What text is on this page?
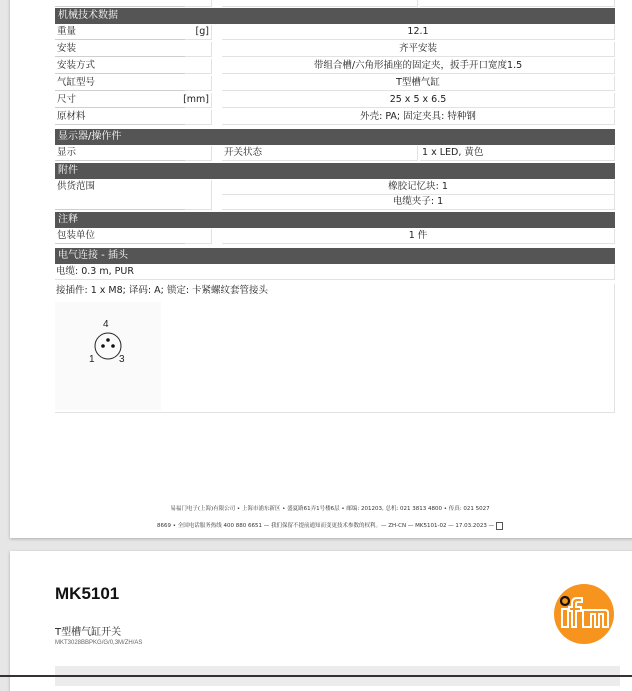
机械技术数据
重量	[g]	12.1
安装	齐平安装
安装方式	带组合槽/六角形插座的固定夹，扳手开口宽度1.5
气缸型号	T型槽气缸
尺寸	[mm]	25 x 5 x 6.5
原材料	外壳: PA; 固定夹具: 特种钢
显示器/操作件
显示	开关状态	1 x LED, 黄色
附件
供货范围	橡胶记忆块: 1
电缆夹子: 1
注释
包装单位	1 件
电气连接 - 插头
电缆: 0.3 m, PUR
接插件: 1 x M8; 译码: A; 锁定: 卡紧螺纹套管接头
4
1 3
易福门电子(上海)有限公司 • 上海市浦东新区 • 盛夏路61弄1号楼6层 • 邮编: 201203, 总机: 021 3813 4800 • 传真: 021 5027
8669 • 全国电话服务热线 400 880 6651 — 我们保留不提前通知而变更技术参数的权利。— ZH-CN — MK5101-02 — 17.03.2023 —
MK5101
T型槽气缸开关
MKT3028BBPKG/G/0,3M/ZH/AS
